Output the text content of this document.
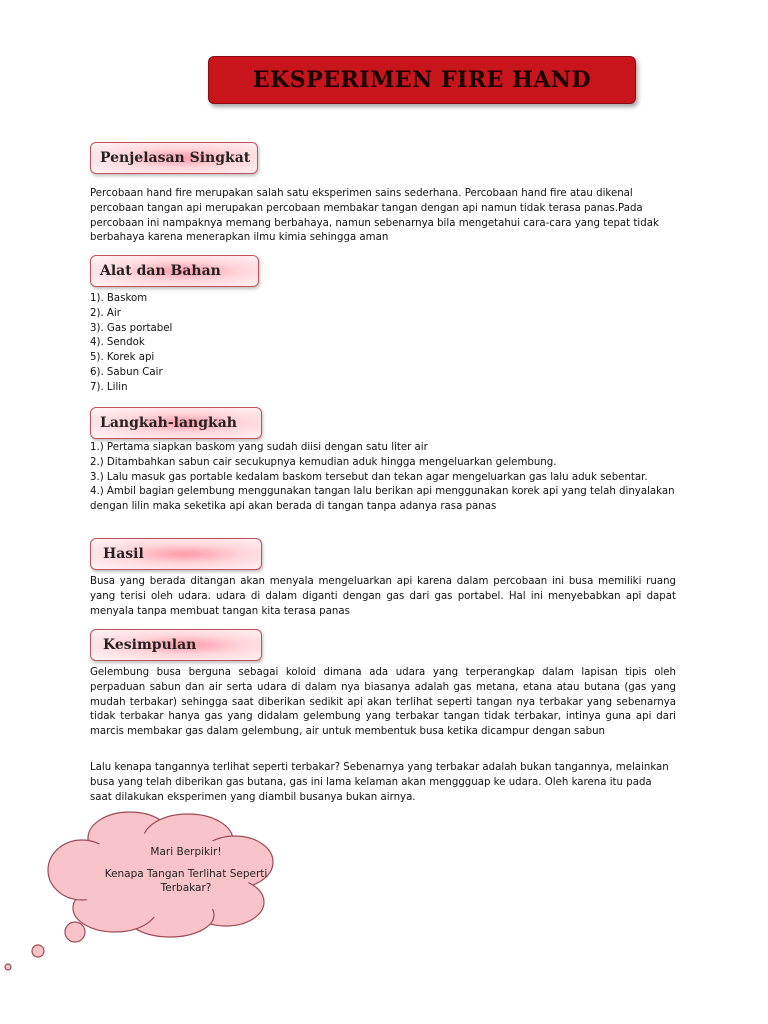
EKSPERIMEN FIRE HAND
Penjelasan Singkat

Percobaan hand fire merupakan salah satu eksperimen sains sederhana. Percobaan hand fire atau dikenal percobaan tangan api merupakan percobaan membakar tangan dengan api namun tidak terasa panas.Pada percobaan ini nampaknya memang berbahaya, namun sebenarnya bila mengetahui cara-cara yang tepat tidak berbahaya karena menerapkan ilmu kimia sehingga aman

Alat dan Bahan
1). Baskom
2). Air
3). Gas portabel
4). Sendok
5). Korek api
6). Sabun Cair
7). Lilin
Langkah-langkah
1.) Pertama siapkan baskom yang sudah diisi dengan satu liter air
2.) Ditambahkan sabun cair secukupnya kemudian aduk hingga mengeluarkan gelembung.
3.) Lalu masuk gas portable kedalam baskom tersebut dan tekan agar mengeluarkan gas lalu aduk sebentar.
4.) Ambil bagian gelembung menggunakan tangan lalu berikan api menggunakan korek api yang telah dinyalakan dengan lilin maka seketika api akan berada di tangan tanpa adanya rasa panas
Hasil

Busa yang berada ditangan akan menyala mengeluarkan api karena dalam percobaan ini busa memiliki ruang yang terisi oleh udara. udara di dalam diganti dengan gas dari gas portabel. Hal ini menyebabkan api dapat menyala tanpa membuat tangan kita terasa panas

Kesimpulan

Gelembung busa berguna sebagai koloid dimana ada udara yang terperangkap dalam lapisan tipis oleh perpaduan sabun dan air serta udara di dalam nya biasanya adalah gas metana, etana atau butana (gas yang mudah terbakar) sehingga saat diberikan sedikit api akan terlihat seperti tangan nya terbakar yang sebenarnya tidak terbakar hanya gas yang didalam gelembung yang terbakar tangan tidak terbakar, intinya guna api dari marcis membakar gas dalam gelembung, air untuk membentuk busa ketika dicampur dengan sabun

Lalu kenapa tangannya terlihat seperti terbakar? Sebenarnya yang terbakar adalah bukan tangannya, melainkan busa yang telah diberikan gas butana, gas ini lama kelaman akan menggguap ke udara. Oleh karena itu pada saat dilakukan eksperimen yang diambil busanya bukan airnya.

Mari Berpikir!

Kenapa Tangan Terlihat Seperti Terbakar?
